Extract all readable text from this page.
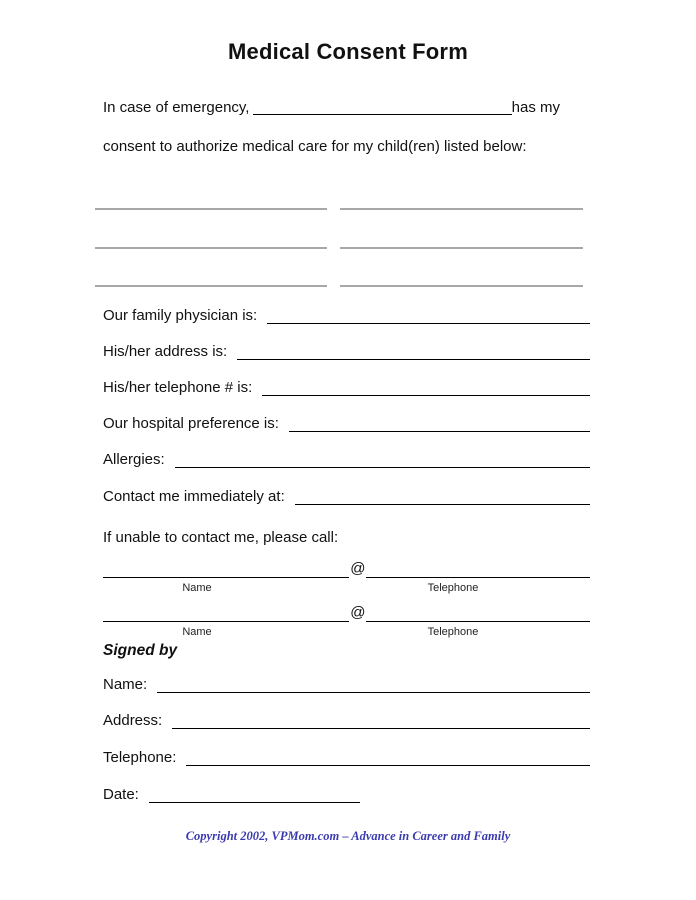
Medical Consent Form
In case of emergency,	has my
consent to authorize medical care for my child(ren) listed below:
Our family physician is:
His/her address is:
His/her telephone # is:
Our hospital preference is:
Allergies:
Contact me immediately at:
If unable to contact me, please call:
@
Name	Telephone
@
Name	Telephone
Signed by
Name:
Address:
Telephone:
Date:
Copyright 2002, VPMom.com – Advance in Career and Family
